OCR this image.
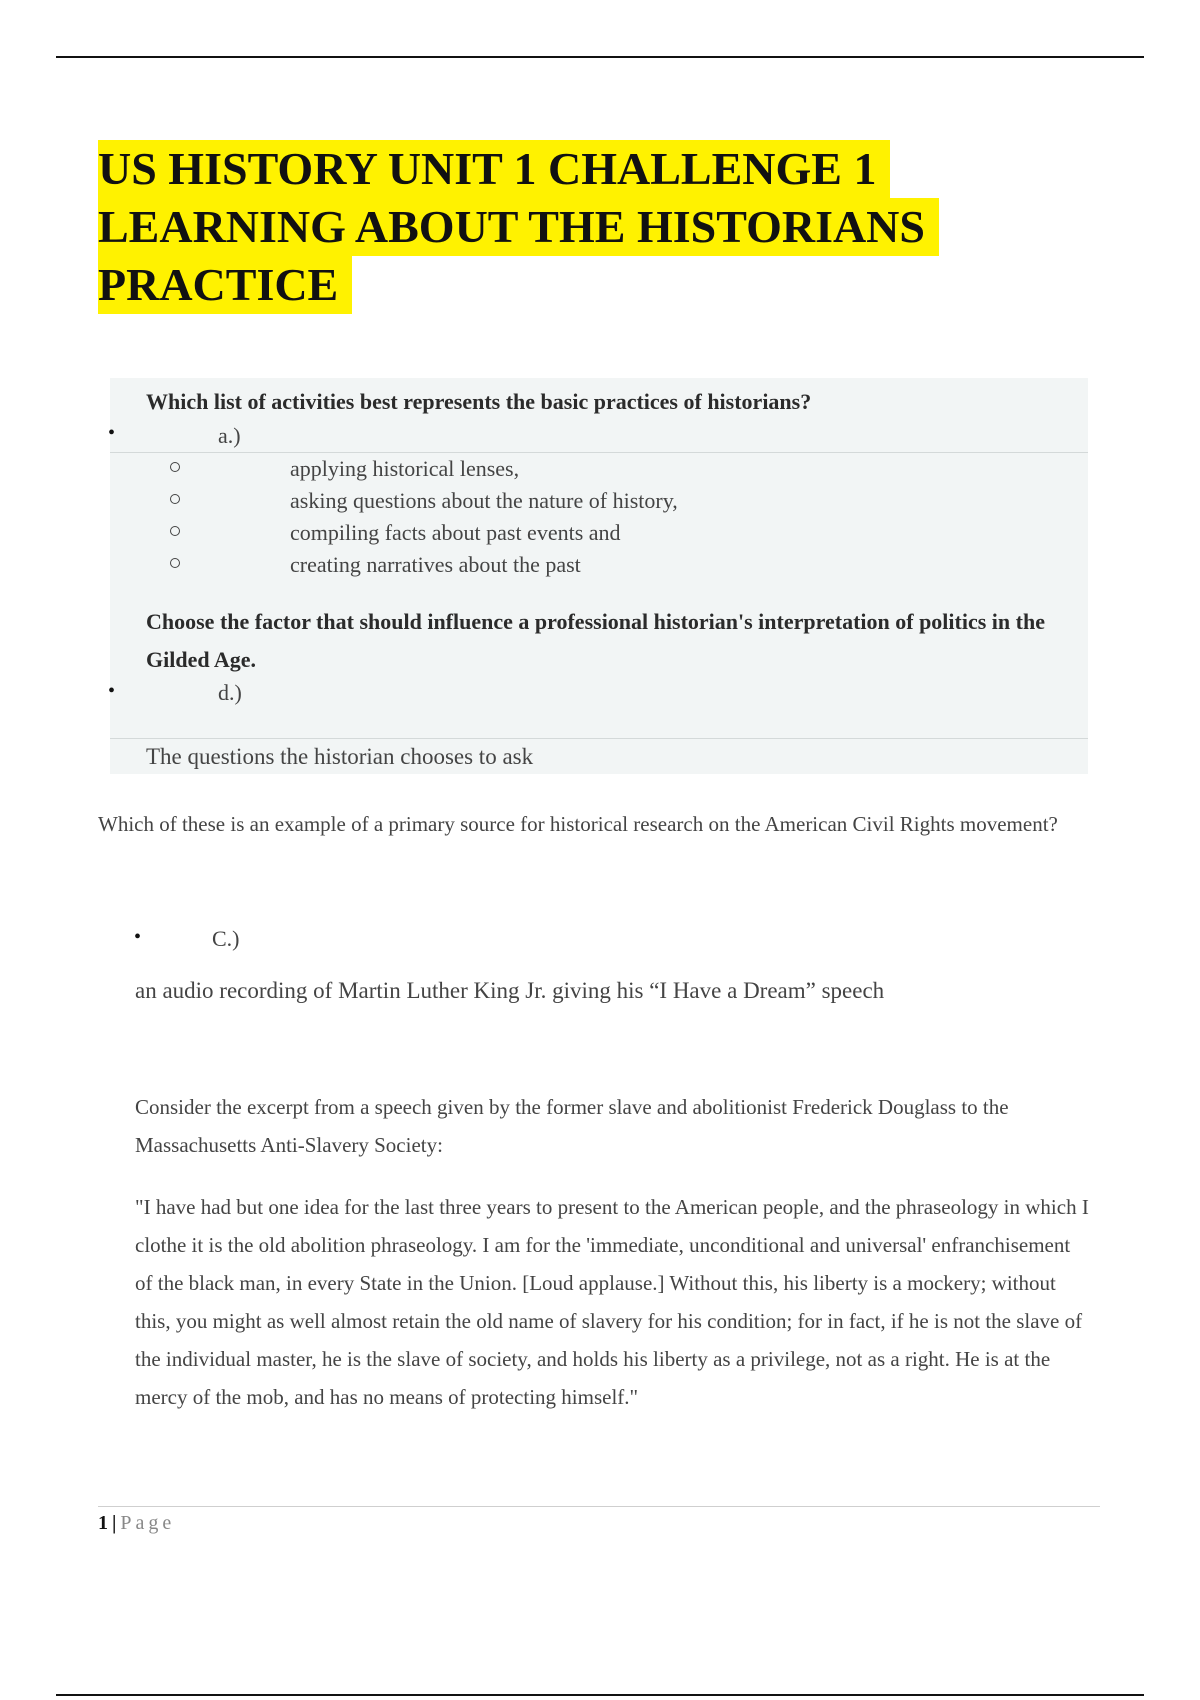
US HISTORY UNIT 1 CHALLENGE 1
LEARNING ABOUT THE HISTORIANS
PRACTICE
Which list of activities best represents the basic practices of historians?
•	a.)
applying historical lenses,
asking questions about the nature of history,
compiling facts about past events and
creating narratives about the past
Choose the factor that should influence a professional historian's interpretation of politics in the Gilded Age.
•	d.)
The questions the historian chooses to ask
Which of these is an example of a primary source for historical research on the American Civil Rights movement?
•	C.)
an audio recording of Martin Luther King Jr. giving his “I Have a Dream” speech
Consider the excerpt from a speech given by the former slave and abolitionist Frederick Douglass to the Massachusetts Anti-Slavery Society:
"I have had but one idea for the last three years to present to the American people, and the phraseology in which I clothe it is the old abolition phraseology. I am for the 'immediate, unconditional and universal' enfranchisement of the black man, in every State in the Union. [Loud applause.] Without this, his liberty is a mockery; without this, you might as well almost retain the old name of slavery for his condition; for in fact, if he is not the slave of the individual master, he is the slave of society, and holds his liberty as a privilege, not as a right. He is at the mercy of the mob, and has no means of protecting himself."
1 | Page
